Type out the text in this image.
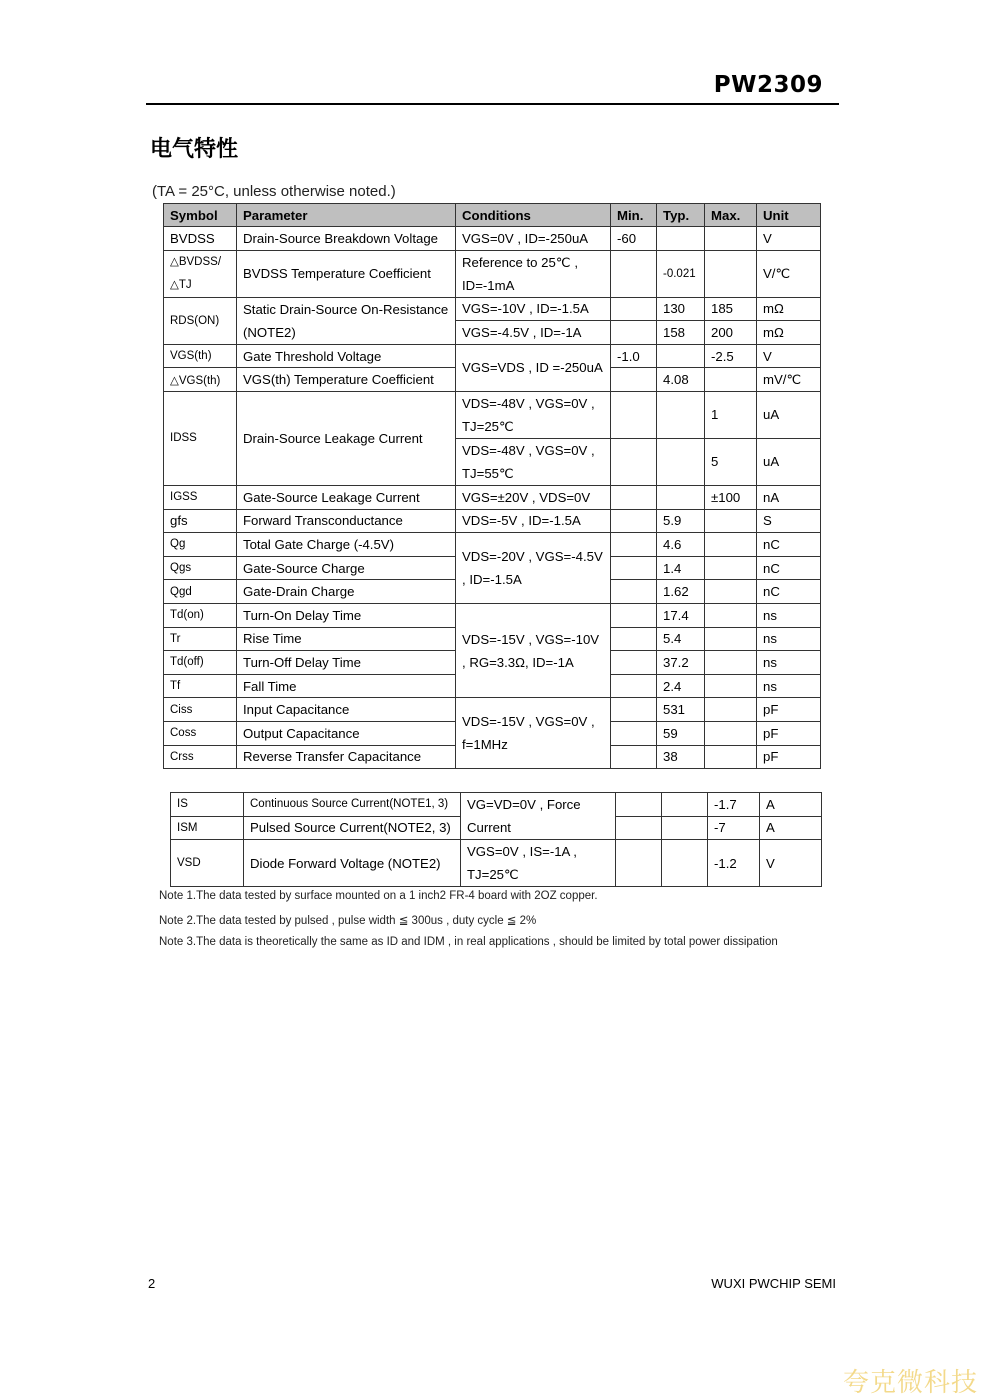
PW2309
电气特性
(TA = 25°C, unless otherwise noted.)
Symbol	Parameter	Conditions	Min.	Typ.	Max.	Unit
BVDSS	Drain-Source Breakdown Voltage	VGS=0V , ID=-250uA	-60			V
△BVDSS/△TJ	BVDSS Temperature Coefficient	Reference to 25℃ , ID=-1mA		-0.021		V/℃
RDS(ON)	Static Drain-Source On-Resistance (NOTE2)	VGS=-10V , ID=-1.5A		130	185	mΩ
		VGS=-4.5V , ID=-1A		158	200	mΩ
VGS(th)	Gate Threshold Voltage	VGS=VDS , ID =-250uA	-1.0		-2.5	V
△VGS(th)	VGS(th) Temperature Coefficient			4.08		mV/℃
IDSS	Drain-Source Leakage Current	VDS=-48V , VGS=0V , TJ=25℃			1	uA
		VDS=-48V , VGS=0V , TJ=55℃			5	uA
IGSS	Gate-Source Leakage Current	VGS=±20V , VDS=0V			±100	nA
gfs	Forward Transconductance	VDS=-5V , ID=-1.5A		5.9		S
Qg	Total Gate Charge (-4.5V)	VDS=-20V , VGS=-4.5V , ID=-1.5A		4.6		nC
Qgs	Gate-Source Charge			1.4		nC
Qgd	Gate-Drain Charge			1.62		nC
Td(on)	Turn-On Delay Time	VDS=-15V , VGS=-10V , RG=3.3Ω, ID=-1A		17.4		ns
Tr	Rise Time			5.4		ns
Td(off)	Turn-Off Delay Time			37.2		ns
Tf	Fall Time			2.4		ns
Ciss	Input Capacitance	VDS=-15V , VGS=0V , f=1MHz		531		pF
Coss	Output Capacitance			59		pF
Crss	Reverse Transfer Capacitance			38		pF
IS	Continuous Source Current(NOTE1, 3)	VG=VD=0V , Force Current			-1.7	A
ISM	Pulsed Source Current(NOTE2, 3)				-7	A
VSD	Diode Forward Voltage (NOTE2)	VGS=0V , IS=-1A , TJ=25℃			-1.2	V
Note 1.The data tested by surface mounted on a 1 inch2 FR-4 board with 2OZ copper.
Note 2.The data tested by pulsed , pulse width ≦ 300us , duty cycle ≦ 2%
Note 3.The data is theoretically the same as ID and IDM , in real applications , should be limited by total power dissipation
2	WUXI PWCHIP SEMI
夸克微科技
